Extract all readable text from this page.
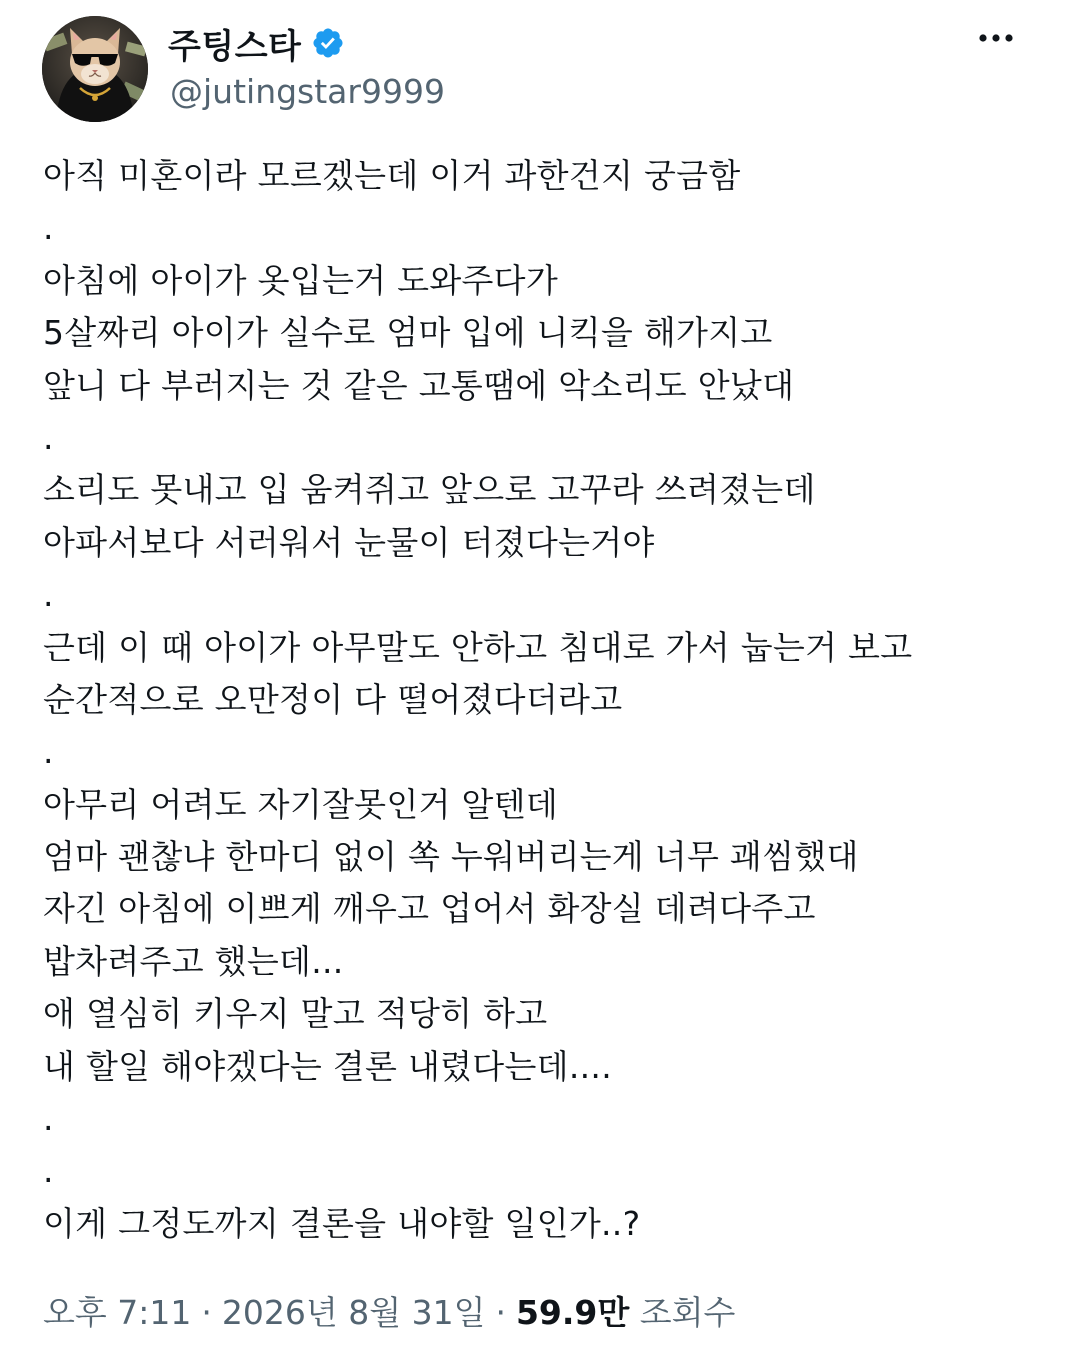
주팅스타
@jutingstar9999
아직 미혼이라 모르겠는데 이거 과한건지 궁금함
.
아침에 아이가 옷입는거 도와주다가
5살짜리 아이가 실수로 엄마 입에 니킥을 해가지고
앞니 다 부러지는 것 같은 고통땜에 악소리도 안났대
.
소리도 못내고 입 움켜쥐고 앞으로 고꾸라 쓰려졌는데
아파서보다 서러워서 눈물이 터졌다는거야
.
근데 이 때 아이가 아무말도 안하고 침대로 가서 눕는거 보고
순간적으로 오만정이 다 떨어졌다더라고
.
아무리 어려도 자기잘못인거 알텐데
엄마 괜찮냐 한마디 없이 쏙 누워버리는게 너무 괘씸했대
자긴 아침에 이쁘게 깨우고 업어서 화장실 데려다주고
밥차려주고 했는데...
애 열심히 키우지 말고 적당히 하고
내 할일 해야겠다는 결론 내렸다는데....
.
.
이게 그정도까지 결론을 내야할 일인가..?
오후 7:11 · 2026년 8월 31일 · 59.9만 조회수
